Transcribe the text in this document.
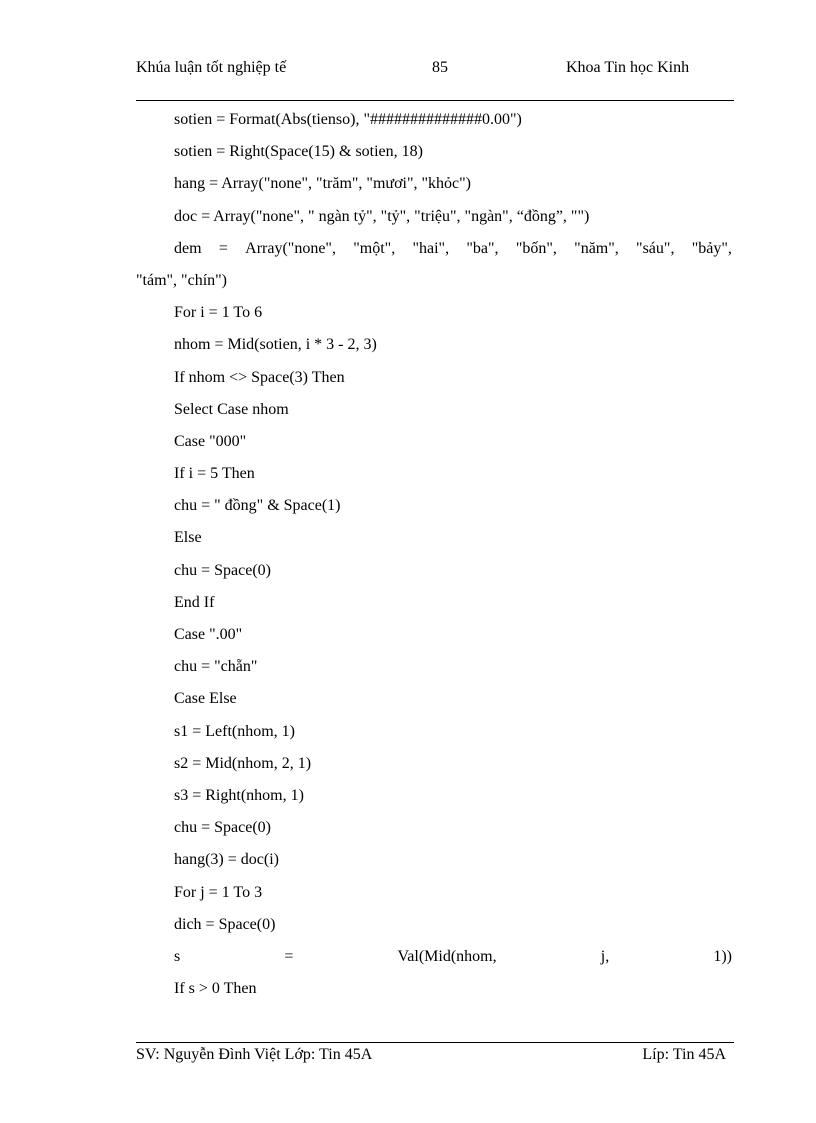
Khúa luận tốt nghiệp tế	85	Khoa Tin học Kinh
sotien = Format(Abs(tienso), "##############0.00")
sotien = Right(Space(15) & sotien, 18)
hang = Array("none", "trăm", "mươi", "khỏc")
doc = Array("none", " ngàn tỷ", "tỷ", "triệu", "ngàn", “đồng”, "")
dem = Array("none", "một", "hai", "ba", "bốn", "năm", "sáu", "bảy",
"tám", "chín")
For i = 1 To 6
nhom = Mid(sotien, i * 3 - 2, 3)
If nhom <> Space(3) Then
Select Case nhom
Case "000"
If i = 5 Then
chu = " đồng" & Space(1)
Else
chu = Space(0)
End If
Case ".00"
chu = "chẵn"
Case Else
s1 = Left(nhom, 1)
s2 = Mid(nhom, 2, 1)
s3 = Right(nhom, 1)
chu = Space(0)
hang(3) = doc(i)
For j = 1 To 3
dich = Space(0)
s	=	Val(Mid(nhom,	j,	1))
If s > 0 Then
SV: Nguyễn Đình Việt Lớp: Tin 45A	Líp: Tin 45A
